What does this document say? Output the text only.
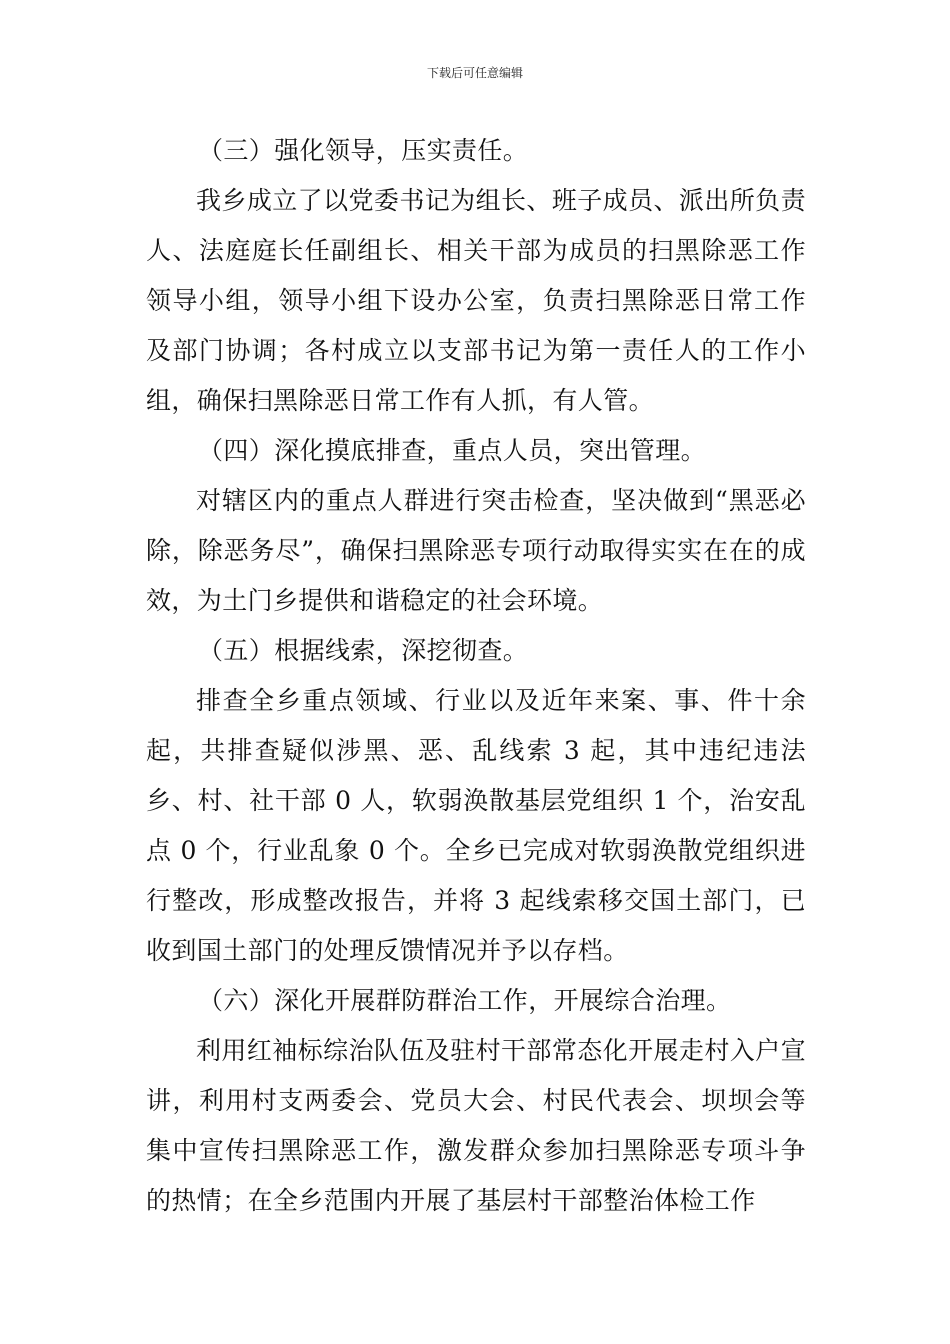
下载后可任意编辑

（三）强化领导，压实责任。

我乡成立了以党委书记为组长、班子成员、派出所负责人、法庭庭长任副组长、相关干部为成员的扫黑除恶工作领导小组，领导小组下设办公室，负责扫黑除恶日常工作及部门协调；各村成立以支部书记为第一责任人的工作小组，确保扫黑除恶日常工作有人抓，有人管。

（四）深化摸底排查，重点人员，突出管理。

对辖区内的重点人群进行突击检查，坚决做到“黑恶必除，除恶务尽”，确保扫黑除恶专项行动取得实实在在的成效，为土门乡提供和谐稳定的社会环境。

（五）根据线索，深挖彻查。

排查全乡重点领域、行业以及近年来案、事、件十余起，共排查疑似涉黑、恶、乱线索 3 起，其中违纪违法乡、村、社干部 0 人，软弱涣散基层党组织 1 个，治安乱点 0 个，行业乱象 0 个。全乡已完成对软弱涣散党组织进行整改，形成整改报告，并将 3 起线索移交国土部门，已收到国土部门的处理反馈情况并予以存档。

（六）深化开展群防群治工作，开展综合治理。

利用红袖标综治队伍及驻村干部常态化开展走村入户宣讲，利用村支两委会、党员大会、村民代表会、坝坝会等集中宣传扫黑除恶工作，激发群众参加扫黑除恶专项斗争的热情；在全乡范围内开展了基层村干部整治体检工作
